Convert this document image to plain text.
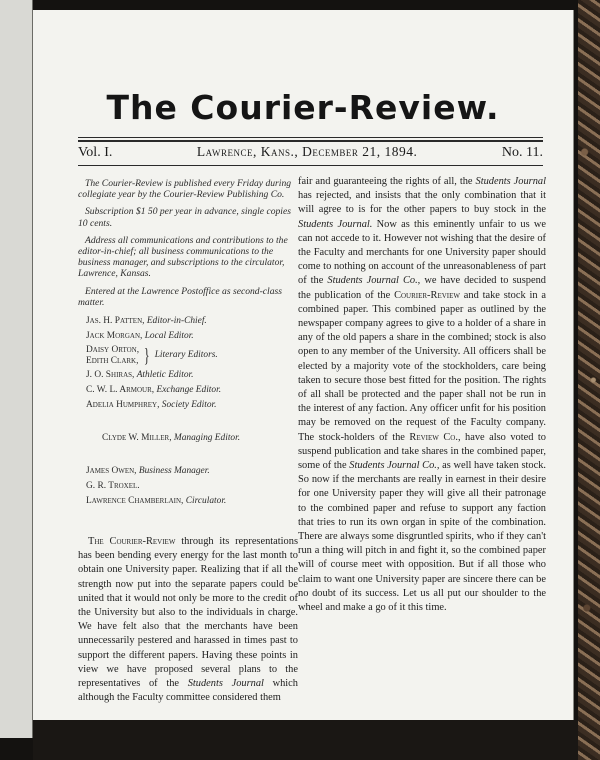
The Courier-Review.
Vol. I.	Lawrence, Kans., December 21, 1894.	No. 11.

The Courier-Review is published every Friday during collegiate year by the Courier-Review Publishing Co.

Subscription $1 50 per year in advance, single copies 10 cents.

Address all communications and contributions to the editor-in-chief; all business communications to the business manager, and subscriptions to the circulator, Lawrence, Kansas.

Entered at the Lawrence Postoffice as second-class matter.

Jas. H. Patten, Editor-in-Chief.
Jack Morgan, Local Editor.
Daisy Orton,
Edith Clark, } Literary Editors.
J. O. Shiras, Athletic Editor.
C. W. L. Armour, Exchange Editor.
Adelia Humphrey, Society Editor.
Clyde W. Miller, Managing Editor.
James Owen, Business Manager.
G. R. Troxel.
Lawrence Chamberlain, Circulator.

The Courier-Review through its representations has been bending every energy for the last month to obtain one University paper. Realizing that if all the strength now put into the separate papers could be united that it would not only be more to the credit of the University but also to the individuals in charge. We have felt also that the merchants have been unnecessarily pestered and harassed in times past to support the different papers. Having these points in view we have proposed several plans to the representatives of the Students Journal which although the Faculty committee considered them

fair and guaranteeing the rights of all, the Students Journal has rejected, and insists that the only combination that it will agree to is for the other papers to buy stock in the Students Journal. Now as this eminently unfair to us we can not accede to it. However not wishing that the desire of the Faculty and merchants for one University paper should come to nothing on account of the unreasonableness of part of the Students Journal Co., we have decided to suspend the publication of the Courier-Review and take stock in a combined paper. This combined paper as outlined by the newspaper company agrees to give to a holder of a share in any of the old papers a share in the combined; stock is also open to any member of the University. All officers shall be elected by a majority vote of the stockholders, care being taken to secure those best fitted for the position. The rights of all shall be protected and the paper shall not be run in the interest of any faction. Any officer unfit for his position may be removed on the request of the Faculty company. The stock-holders of the Review Co., have also voted to suspend publication and take shares in the combined paper, some of the Students Journal Co., as well have taken stock. So now if the merchants are really in earnest in their desire for one University paper they will give all their patronage to the combined paper and refuse to support any faction that tries to run its own organ in spite of the combination. There are always some disgruntled spirits, who if they can't run a thing will pitch in and fight it, so the combined paper will of course meet with opposition. But if all those who claim to want one University paper are sincere there can be no doubt of its success. Let us all put our shoulder to the wheel and make a go of it this time.
